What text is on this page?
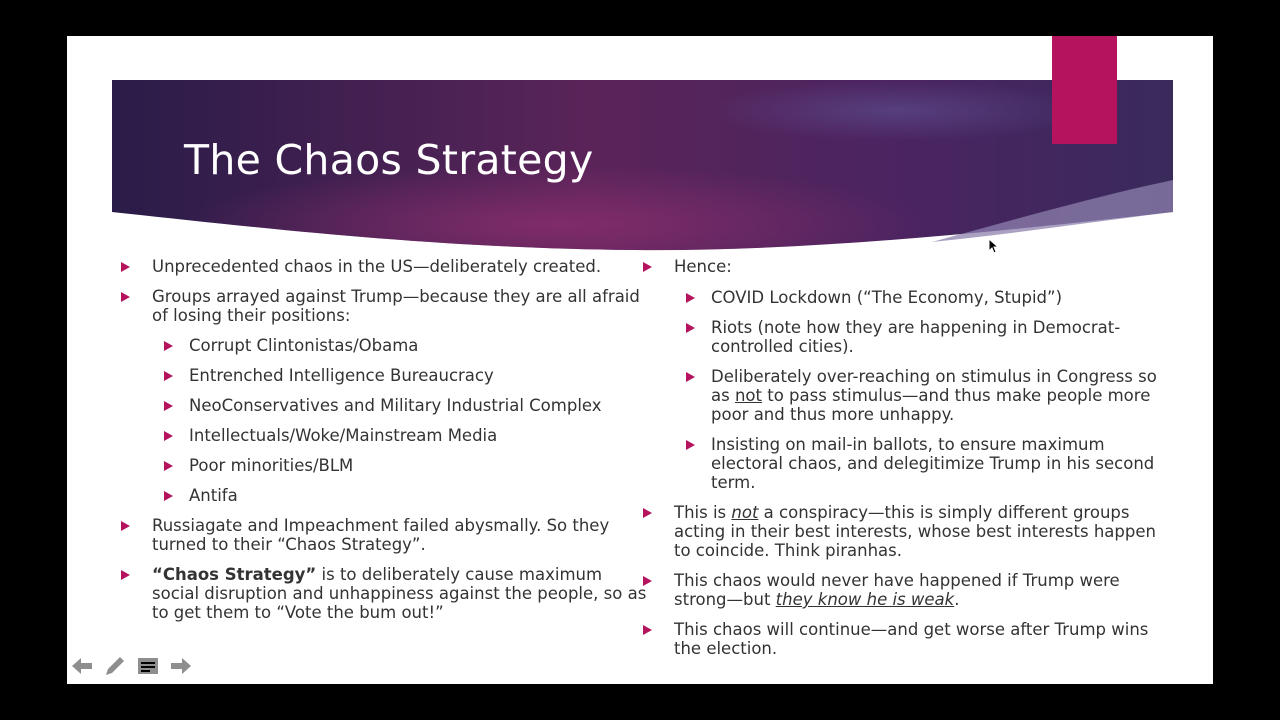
The Chaos Strategy
Unprecedented chaos in the US—deliberately created.
Groups arrayed against Trump—because they are all afraid of losing their positions:
Corrupt Clintonistas/Obama
Entrenched Intelligence Bureaucracy
NeoConservatives and Military Industrial Complex
Intellectuals/Woke/Mainstream Media
Poor minorities/BLM
Antifa
Russiagate and Impeachment failed abysmally. So they turned to their “Chaos Strategy”.
“Chaos Strategy” is to deliberately cause maximum social disruption and unhappiness against the people, so as to get them to “Vote the bum out!”
Hence:
COVID Lockdown (“The Economy, Stupid”)
Riots (note how they are happening in Democrat-controlled cities).
Deliberately over-reaching on stimulus in Congress so as not to pass stimulus—and thus make people more poor and thus more unhappy.
Insisting on mail-in ballots, to ensure maximum electoral chaos, and delegitimize Trump in his second term.
This is not a conspiracy—this is simply different groups acting in their best interests, whose best interests happen to coincide. Think piranhas.
This chaos would never have happened if Trump were strong—but they know he is weak.
This chaos will continue—and get worse after Trump wins the election.
